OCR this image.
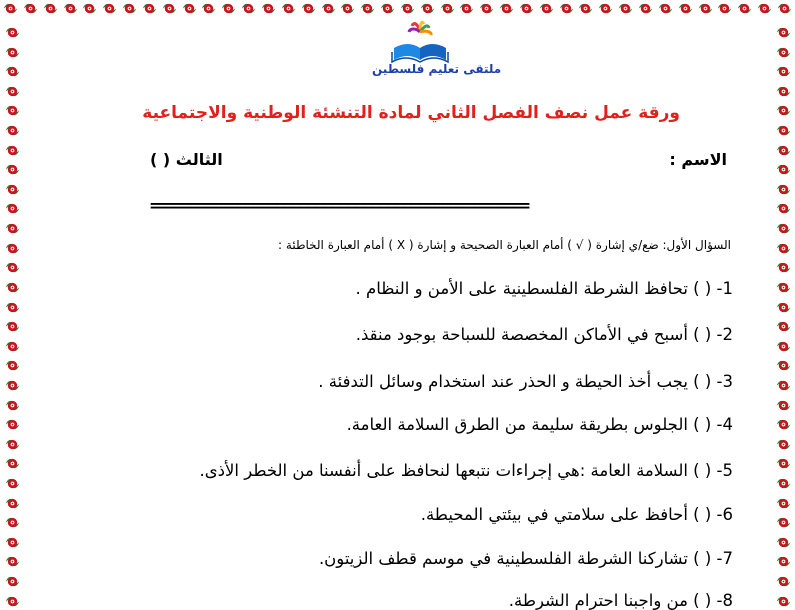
ملتقى تعليم فلسطين
ورقة عمل نصف الفصل الثاني لمادة التنشئة الوطنية والاجتماعية
الاسم :
الثالث ( )
================================================
السؤال الأول: ضع/ي إشارة ( √ ) أمام العبارة الصحيحة و إشارة ( X ) أمام العبارة الخاطئة :
1- ( ) تحافظ الشرطة الفلسطينية على الأمن و النظام .
2- ( ) أسبح في الأماكن المخصصة للسباحة بوجود منقذ.
3- ( ) يجب أخذ الحيطة و الحذر عند استخدام وسائل التدفئة .
4- ( ) الجلوس بطريقة سليمة من الطرق السلامة العامة.
5- ( ) السلامة العامة :هي إجراءات نتبعها لنحافظ على أنفسنا من الخطر الأذى.
6- ( ) أحافظ على سلامتي في بيئتي المحيطة.
7- ( ) تشاركنا الشرطة الفلسطينية في موسم قطف الزيتون.
8- ( ) من واجبنا احترام الشرطة.
